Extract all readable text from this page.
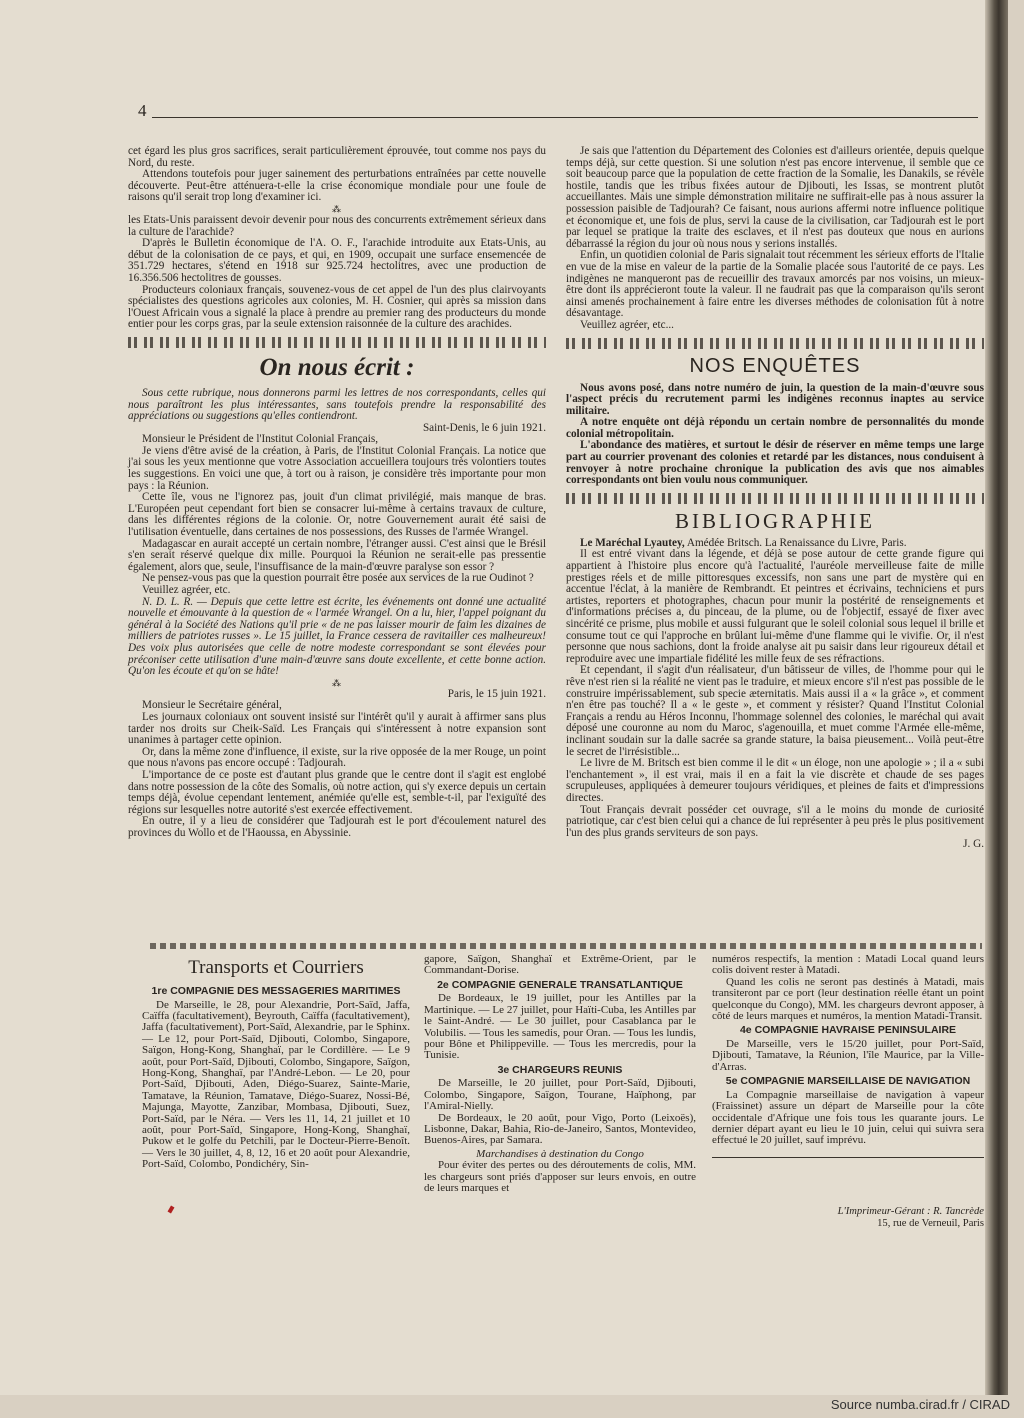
4

cet égard les plus gros sacrifices, serait particulièrement éprouvée, tout comme nos pays du Nord, du reste.

Attendons toutefois pour juger sainement des perturbations entraînées par cette nouvelle découverte. Peut-être atténuera-t-elle la crise économique mondiale pour une foule de raisons qu'il serait trop long d'examiner ici.

⁂

les Etats-Unis paraissent devoir devenir pour nous des concurrents extrêmement sérieux dans la culture de l'arachide?

D'après le Bulletin économique de l'A. O. F., l'arachide introduite aux Etats-Unis, au début de la colonisation de ce pays, et qui, en 1909, occupait une surface ensemencée de 351.729 hectares, s'étend en 1918 sur 925.724 hectolitres, avec une production de 16.356.506 hectolitres de gousses.

Producteurs coloniaux français, souvenez-vous de cet appel de l'un des plus clairvoyants spécialistes des questions agricoles aux colonies, M. H. Cosnier, qui après sa mission dans l'Ouest Africain vous a signalé la place à prendre au premier rang des producteurs du monde entier pour les corps gras, par la seule extension raisonnée de la culture des arachides.

On nous écrit :

Sous cette rubrique, nous donnerons parmi les lettres de nos correspondants, celles qui nous paraîtront les plus intéressantes, sans toutefois prendre la responsabilité des appréciations ou suggestions qu'elles contiendront.

Saint-Denis, le 6 juin 1921.

Monsieur le Président de l'Institut Colonial Français,

Je viens d'être avisé de la création, à Paris, de l'Institut Colonial Français. La notice que j'ai sous les yeux mentionne que votre Association accueillera toujours très volontiers toutes les suggestions. En voici une que, à tort ou à raison, je considère très importante pour mon pays : la Réunion.

Cette île, vous ne l'ignorez pas, jouit d'un climat privilégié, mais manque de bras. L'Européen peut cependant fort bien se consacrer lui-même à certains travaux de culture, dans les différentes régions de la colonie. Or, notre Gouvernement aurait été saisi de l'utilisation éventuelle, dans certaines de nos possessions, des Russes de l'armée Wrangel.

Madagascar en aurait accepté un certain nombre, l'étranger aussi. C'est ainsi que le Brésil s'en serait réservé quelque dix mille. Pourquoi la Réunion ne serait-elle pas pressentie également, alors que, seule, l'insuffisance de la main-d'œuvre paralyse son essor ?

Ne pensez-vous pas que la question pourrait être posée aux services de la rue Oudinot ?

Veuillez agréer, etc.

N. D. L. R. — Depuis que cette lettre est écrite, les événements ont donné une actualité nouvelle et émouvante à la question de « l'armée Wrangel. On a lu, hier, l'appel poignant du général à la Société des Nations qu'il prie « de ne pas laisser mourir de faim les dizaines de milliers de patriotes russes ». Le 15 juillet, la France cessera de ravitailler ces malheureux! Des voix plus autorisées que celle de notre modeste correspondant se sont élevées pour préconiser cette utilisation d'une main-d'œuvre sans doute excellente, et cette bonne action. Qu'on les écoute et qu'on se hâte!

⁂

Paris, le 15 juin 1921.

Monsieur le Secrétaire général,

Les journaux coloniaux ont souvent insisté sur l'intérêt qu'il y aurait à affirmer sans plus tarder nos droits sur Cheik-Saïd. Les Français qui s'intéressent à notre expansion sont unanimes à partager cette opinion.

Or, dans la même zone d'influence, il existe, sur la rive opposée de la mer Rouge, un point que nous n'avons pas encore occupé : Tadjourah.

L'importance de ce poste est d'autant plus grande que le centre dont il s'agit est englobé dans notre possession de la côte des Somalis, où notre action, qui s'y exerce depuis un certain temps déjà, évolue cependant lentement, anémiée qu'elle est, semble-t-il, par l'exiguïté des régions sur lesquelles notre autorité s'est exercée effectivement.

En outre, il y a lieu de considérer que Tadjourah est le port d'écoulement naturel des provinces du Wollo et de l'Haoussa, en Abyssinie.

Je sais que l'attention du Département des Colonies est d'ailleurs orientée, depuis quelque temps déjà, sur cette question. Si une solution n'est pas encore intervenue, il semble que ce soit beaucoup parce que la population de cette fraction de la Somalie, les Danakils, se révèle hostile, tandis que les tribus fixées autour de Djibouti, les Issas, se montrent plutôt accueillantes. Mais une simple démonstration militaire ne suffirait-elle pas à nous assurer la possession paisible de Tadjourah? Ce faisant, nous aurions affermi notre influence politique et économique et, une fois de plus, servi la cause de la civilisation, car Tadjourah est le port par lequel se pratique la traite des esclaves, et il n'est pas douteux que nous en aurions débarrassé la région du jour où nous nous y serions installés.

Enfin, un quotidien colonial de Paris signalait tout récemment les sérieux efforts de l'Italie en vue de la mise en valeur de la partie de la Somalie placée sous l'autorité de ce pays. Les indigènes ne manqueront pas de recueillir des travaux amorcés par nos voisins, un mieux-être dont ils apprécieront toute la valeur. Il ne faudrait pas que la comparaison qu'ils seront ainsi amenés prochainement à faire entre les diverses méthodes de colonisation fût à notre désavantage.

Veuillez agréer, etc...

NOS ENQUÊTES

Nous avons posé, dans notre numéro de juin, la question de la main-d'œuvre sous l'aspect précis du recrutement parmi les indigènes reconnus inaptes au service militaire.

A notre enquête ont déjà répondu un certain nombre de personnalités du monde colonial métropolitain.

L'abondance des matières, et surtout le désir de réserver en même temps une large part au courrier provenant des colonies et retardé par les distances, nous conduisent à renvoyer à notre prochaine chronique la publication des avis que nos aimables correspondants ont bien voulu nous communiquer.

BIBLIOGRAPHIE

Le Maréchal Lyautey, Amédée Britsch. La Renaissance du Livre, Paris.

Il est entré vivant dans la légende, et déjà se pose autour de cette grande figure qui appartient à l'histoire plus encore qu'à l'actualité, l'auréole merveilleuse faite de mille prestiges réels et de mille pittoresques excessifs, non sans une part de mystère qui en accentue l'éclat, à la manière de Rembrandt. Et peintres et écrivains, techniciens et purs artistes, reporters et photographes, chacun pour munir la postérité de renseignements et d'informations précises a, du pinceau, de la plume, ou de l'objectif, essayé de fixer avec sincérité ce prisme, plus mobile et aussi fulgurant que le soleil colonial sous lequel il brille et consume tout ce qui l'approche en brûlant lui-même d'une flamme qui le vivifie. Or, il n'est personne que nous sachions, dont la froide analyse ait pu saisir dans leur rigoureux détail et reproduire avec une impartiale fidélité les mille feux de ses réfractions.

Et cependant, il s'agit d'un réalisateur, d'un bâtisseur de villes, de l'homme pour qui le rêve n'est rien si la réalité ne vient pas le traduire, et mieux encore s'il n'est pas possible de le construire impérissablement, sub specie æternitatis. Mais aussi il a « la grâce », et comment n'en être pas touché? Il a « le geste », et comment y résister? Quand l'Institut Colonial Français a rendu au Héros Inconnu, l'hommage solennel des colonies, le maréchal qui avait déposé une couronne au nom du Maroc, s'agenouilla, et muet comme l'Armée elle-même, inclinant soudain sur la dalle sacrée sa grande stature, la baisa pieusement... Voilà peut-être le secret de l'irrésistible...

Le livre de M. Britsch est bien comme il le dit « un éloge, non une apologie » ; il a « subi l'enchantement », il est vrai, mais il en a fait la vie discrète et chaude de ses pages scrupuleuses, appliquées à demeurer toujours véridiques, et pleines de faits et d'impressions directes.

Tout Français devrait posséder cet ouvrage, s'il a le moins du monde de curiosité patriotique, car c'est bien celui qui a chance de lui représenter à peu près le plus positivement l'un des plus grands serviteurs de son pays.

J. G.

Transports et Courriers
1re COMPAGNIE DES MESSAGERIES MARITIMES

De Marseille, le 28, pour Alexandrie, Port-Saïd, Jaffa, Caïffa (facultativement), Beyrouth, Caïffa (facultativement), Jaffa (facultativement), Port-Saïd, Alexandrie, par le Sphinx. — Le 12, pour Port-Saïd, Djibouti, Colombo, Singapore, Saïgon, Hong-Kong, Shanghaï, par le Cordillère. — Le 9 août, pour Port-Saïd, Djibouti, Colombo, Singapore, Saïgon, Hong-Kong, Shanghaï, par l'André-Lebon. — Le 20, pour Port-Saïd, Djibouti, Aden, Diégo-Suarez, Sainte-Marie, Tamatave, la Réunion, Tamatave, Diégo-Suarez, Nossi-Bé, Majunga, Mayotte, Zanzibar, Mombasa, Djibouti, Suez, Port-Saïd, par le Néra. — Vers les 11, 14, 21 juillet et 10 août, pour Port-Saïd, Singapore, Hong-Kong, Shanghaï, Pukow et le golfe du Petchili, par le Docteur-Pierre-Benoît. — Vers le 30 juillet, 4, 8, 12, 16 et 20 août pour Alexandrie, Port-Saïd, Colombo, Pondichéry, Sin-

gapore, Saïgon, Shanghaï et Extrême-Orient, par le Commandant-Dorise.

2e COMPAGNIE GENERALE TRANSATLANTIQUE

De Bordeaux, le 19 juillet, pour les Antilles par la Martinique. — Le 27 juillet, pour Haïti-Cuba, les Antilles par le Saint-André. — Le 30 juillet, pour Casablanca par le Volubilis. — Tous les samedis, pour Oran. — Tous les lundis, pour Bône et Philippeville. — Tous les mercredis, pour la Tunisie.

3e CHARGEURS REUNIS

De Marseille, le 20 juillet, pour Port-Saïd, Djibouti, Colombo, Singapore, Saïgon, Tourane, Haïphong, par l'Amiral-Nielly.

De Bordeaux, le 20 août, pour Vigo, Porto (Leixoës), Lisbonne, Dakar, Bahia, Rio-de-Janeiro, Santos, Montevideo, Buenos-Aires, par Samara.

Marchandises à destination du Congo

Pour éviter des pertes ou des déroutements de colis, MM. les chargeurs sont priés d'apposer sur leurs envois, en outre de leurs marques et

numéros respectifs, la mention : Matadi Local quand leurs colis doivent rester à Matadi.

Quand les colis ne seront pas destinés à Matadi, mais transiteront par ce port (leur destination réelle étant un point quelconque du Congo), MM. les chargeurs devront apposer, à côté de leurs marques et numéros, la mention Matadi-Transit.

4e COMPAGNIE HAVRAISE PENINSULAIRE

De Marseille, vers le 15/20 juillet, pour Port-Saïd, Djibouti, Tamatave, la Réunion, l'île Maurice, par la Ville-d'Arras.

5e COMPAGNIE MARSEILLAISE DE NAVIGATION

La Compagnie marseillaise de navigation à vapeur (Fraissinet) assure un départ de Marseille pour la côte occidentale d'Afrique une fois tous les quarante jours. Le dernier départ ayant eu lieu le 10 juin, celui qui suivra sera effectué le 20 juillet, sauf imprévu.

L'Imprimeur-Gérant : R. Tancrède
15, rue de Verneuil, Paris
Source numba.cirad.fr / CIRAD
